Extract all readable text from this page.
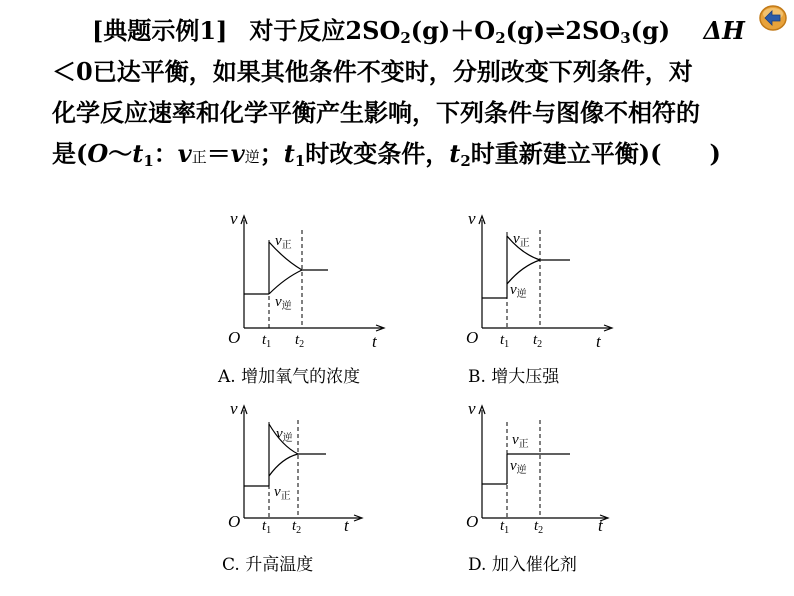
[典题示例1] 对于反应$2SO_2(g)+O_2(g)\rightleftharpoons 2SO_3(g)$ ΔH
＜0已达平衡，如果其他条件不变时，分别改变下列条件，对
化学反应速率和化学平衡产生影响，下列条件与图像不相符的
是($O\sim t_1$：v正＝v逆；$t_1$时改变条件，$t_2$时重新建立平衡)(　　)
v
O	t
$t_1$ $t_2$
$v_正$
$v_逆$
A. 增加氧气的浓度
v
O	t
$t_1$ $t_2$
$v_正$
$v_逆$
B. 增大压强
v
O	t
$t_1$ $t_2$
$v_逆$
$v_正$
C. 升高温度
v
O	t
$t_1$ $t_2$
$v_正$
$v_逆$
D. 加入催化剂
